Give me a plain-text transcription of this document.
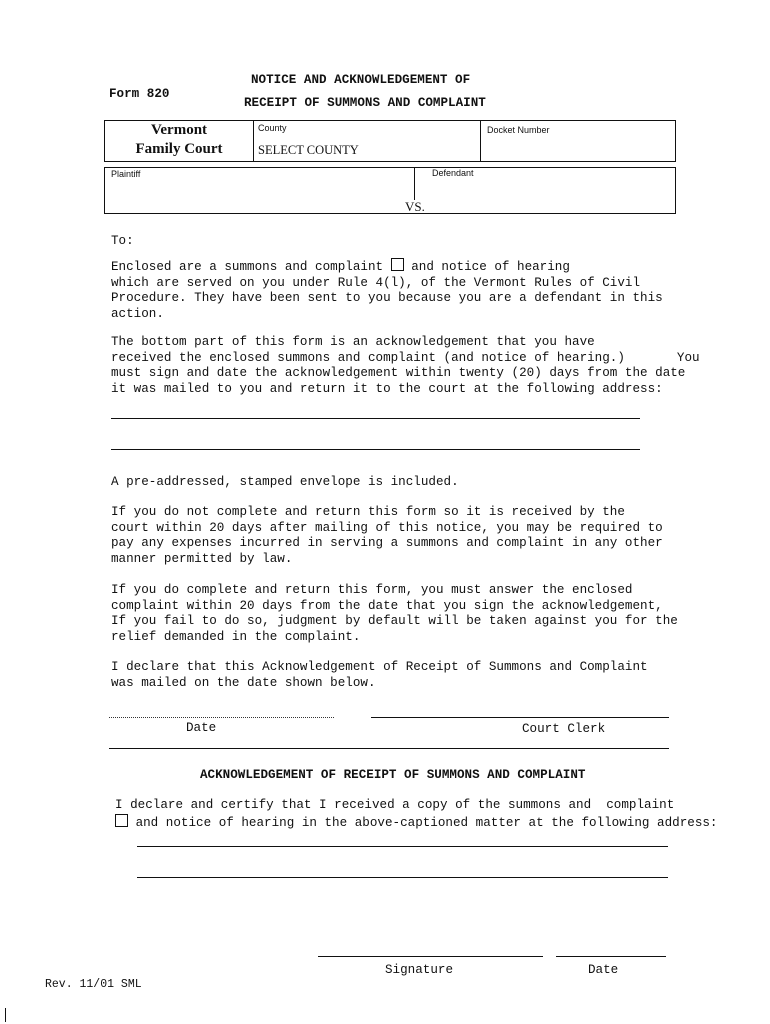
Form 820
NOTICE AND ACKNOWLEDGEMENT OF
RECEIPT OF SUMMONS AND COMPLAINT
Vermont
Family Court
County
SELECT COUNTY
Docket Number
Plaintiff	Defendant
VS.
To:
Enclosed are a summons and complaint and notice of hearing
which are served on you under Rule 4(l), of the Vermont Rules of Civil
Procedure. They have been sent to you because you are a defendant in this
action.
The bottom part of this form is an acknowledgement that you have
received the enclosed summons and complaint (and notice of hearing.)	You
must sign and date the acknowledgement within twenty (20) days from the date
it was mailed to you and return it to the court at the following address:
A pre-addressed, stamped envelope is included.
If you do not complete and return this form so it is received by the
court within 20 days after mailing of this notice, you may be required to
pay any expenses incurred in serving a summons and complaint in any other
manner permitted by law.
If you do complete and return this form, you must answer the enclosed
complaint within 20 days from the date that you sign the acknowledgement,
If you fail to do so, judgment by default will be taken against you for the
relief demanded in the complaint.
I declare that this Acknowledgement of Receipt of Summons and Complaint
was mailed on the date shown below.
Date	Court Clerk
ACKNOWLEDGEMENT OF RECEIPT OF SUMMONS AND COMPLAINT
I declare and certify that I received a copy of the summons and  complaint
and notice of hearing in the above-captioned matter at the following address:
Signature	Date
Rev. 11/01 SML
